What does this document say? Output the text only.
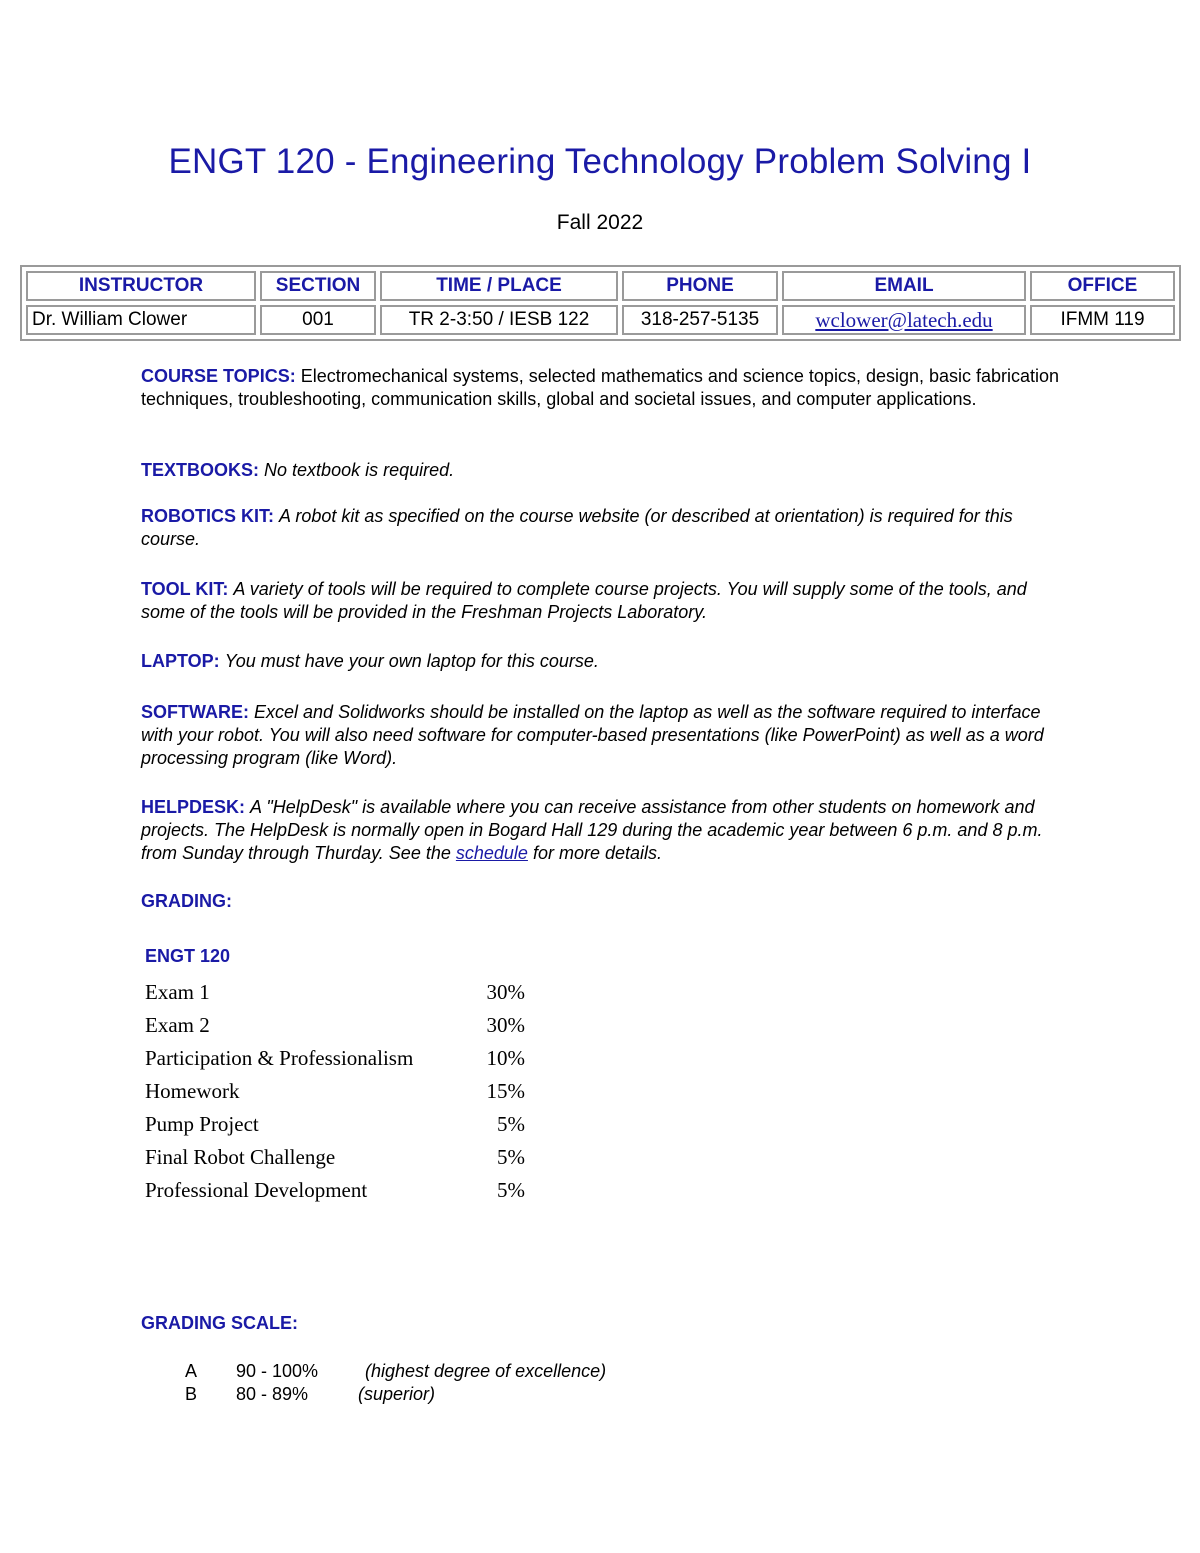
ENGT 120 - Engineering Technology Problem Solving I
Fall 2022
INSTRUCTOR	SECTION	TIME / PLACE	PHONE	EMAIL	OFFICE
Dr. William Clower	001	TR 2-3:50 / IESB 122	318-257-5135	wclower@latech.edu	IFMM 119
COURSE TOPICS: Electromechanical systems, selected mathematics and science topics, design, basic fabrication techniques, troubleshooting, communication skills, global and societal issues, and computer applications.
TEXTBOOKS: No textbook is required.
ROBOTICS KIT: A robot kit as specified on the course website (or described at orientation) is required for this course.
TOOL KIT: A variety of tools will be required to complete course projects. You will supply some of the tools, and some of the tools will be provided in the Freshman Projects Laboratory.
LAPTOP: You must have your own laptop for this course.
SOFTWARE: Excel and Solidworks should be installed on the laptop as well as the software required to interface with your robot. You will also need software for computer-based presentations (like PowerPoint) as well as a word processing program (like Word).
HELPDESK: A "HelpDesk" is available where you can receive assistance from other students on homework and projects. The HelpDesk is normally open in Bogard Hall 129 during the academic year between 6 p.m. and 8 p.m. from Sunday through Thurday. See the schedule for more details.
GRADING:
ENGT 120
Exam 1	30%
Exam 2	30%
Participation & Professionalism	10%
Homework	15%
Pump Project	5%
Final Robot Challenge	5%
Professional Development	5%
GRADING SCALE:
A 90 - 100%	(highest degree of excellence)
B 80 - 89%	(superior)
